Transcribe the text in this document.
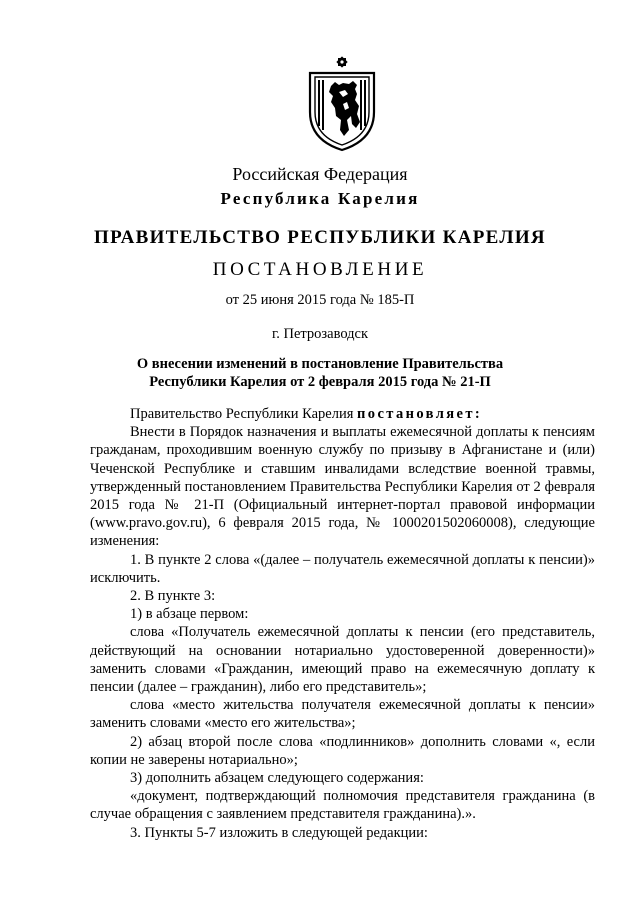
Российская Федерация
Республика Карелия
ПРАВИТЕЛЬСТВО РЕСПУБЛИКИ КАРЕЛИЯ
ПОСТАНОВЛЕНИЕ
от 25 июня 2015 года № 185-П
г. Петрозаводск
О внесении изменений в постановление Правительства
Республики Карелия от 2 февраля 2015 года № 21-П

Правительство Республики Карелия постановляет:

Внести в Порядок назначения и выплаты ежемесячной доплаты к пенсиям гражданам, проходившим военную службу по призыву в Афганистане и (или) Чеченской Республике и ставшим инвалидами вследствие военной травмы, утвержденный постановлением Правительства Республики Карелия от 2 февраля 2015 года № 21-П (Официальный интернет-портал правовой информации (www.pravo.gov.ru), 6 февраля 2015 года, № 1000201502060008), следующие изменения:

1. В пункте 2 слова «(далее – получатель ежемесячной доплаты к пенсии)» исключить.

2. В пункте 3:

1) в абзаце первом:

слова «Получатель ежемесячной доплаты к пенсии (его представитель, действующий на основании нотариально удостоверенной доверенности)» заменить словами «Гражданин, имеющий право на ежемесячную доплату к пенсии (далее – гражданин), либо его представитель»;

слова «место жительства получателя ежемесячной доплаты к пенсии» заменить словами «место его жительства»;

2) абзац второй после слова «подлинников» дополнить словами «, если копии не заверены нотариально»;

3) дополнить абзацем следующего содержания:

«документ, подтверждающий полномочия представителя гражданина (в случае обращения с заявлением представителя гражданина).».

3. Пункты 5-7 изложить в следующей редакции:
